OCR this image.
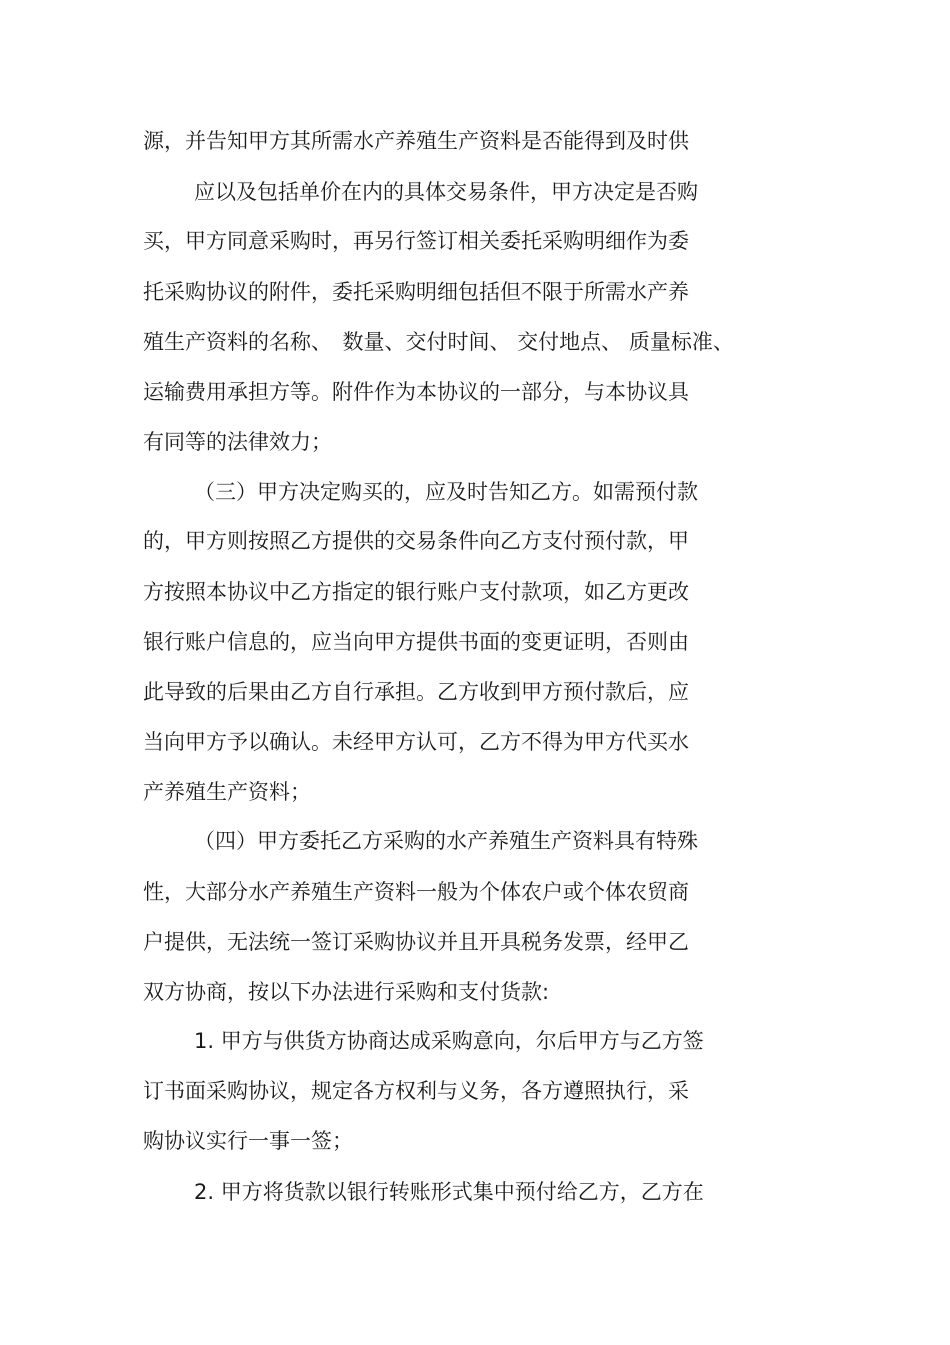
源，并告知甲方其所需水产养殖生产资料是否能得到及时供

应以及包括单价在内的具体交易条件，甲方决定是否购

买，甲方同意采购时，再另行签订相关委托采购明细作为委

托采购协议的附件，委托采购明细包括但不限于所需水产养

殖生产资料的名称、　数量、交付时间、 交付地点、 质量标准、

运输费用承担方等。附件作为本协议的一部分，与本协议具

有同等的法律效力；

（三）甲方决定购买的，应及时告知乙方。如需预付款

的，甲方则按照乙方提供的交易条件向乙方支付预付款，甲

方按照本协议中乙方指定的银行账户支付款项，如乙方更改

银行账户信息的，应当向甲方提供书面的变更证明，否则由

此导致的后果由乙方自行承担。乙方收到甲方预付款后，应

当向甲方予以确认。未经甲方认可，乙方不得为甲方代买水

产养殖生产资料；

（四）甲方委托乙方采购的水产养殖生产资料具有特殊

性，大部分水产养殖生产资料一般为个体农户或个体农贸商

户提供，无法统一签订采购协议并且开具税务发票，经甲乙

双方协商，按以下办法进行采购和支付货款:

1. 甲方与供货方协商达成采购意向，尔后甲方与乙方签

订书面采购协议，规定各方权利与义务，各方遵照执行，采

购协议实行一事一签；

2. 甲方将货款以银行转账形式集中预付给乙方，乙方在
